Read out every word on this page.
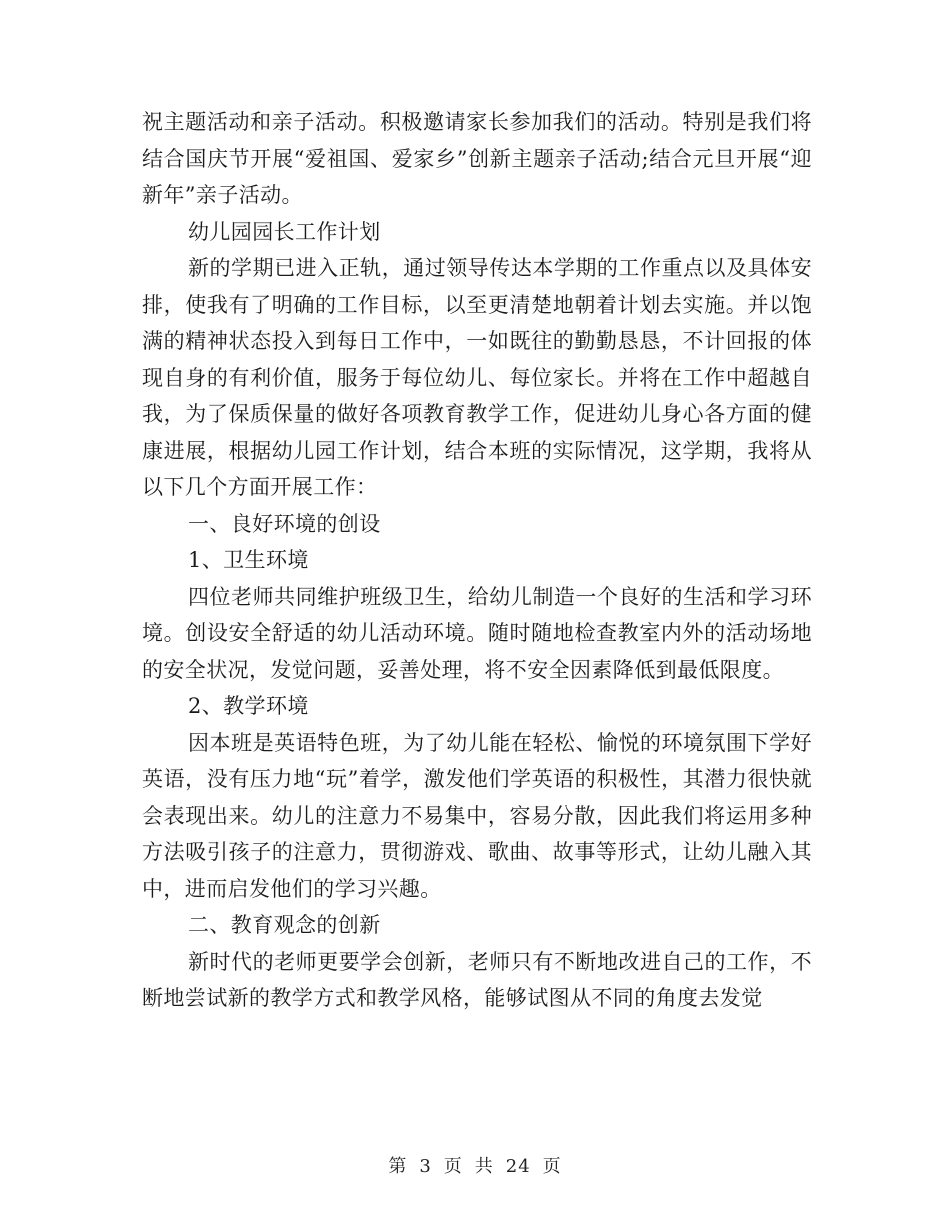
祝主题活动和亲子活动。积极邀请家长参加我们的活动。特别是我们将结合国庆节开展“爱祖国、爱家乡”创新主题亲子活动;结合元旦开展“迎新年”亲子活动。

幼儿园园长工作计划

新的学期已进入正轨，通过领导传达本学期的工作重点以及具体安排，使我有了明确的工作目标，以至更清楚地朝着计划去实施。并以饱满的精神状态投入到每日工作中，一如既往的勤勤恳恳，不计回报的体现自身的有利价值，服务于每位幼儿、每位家长。并将在工作中超越自我，为了保质保量的做好各项教育教学工作，促进幼儿身心各方面的健康进展，根据幼儿园工作计划，结合本班的实际情况，这学期，我将从以下几个方面开展工作：

一、良好环境的创设

1、卫生环境

四位老师共同维护班级卫生，给幼儿制造一个良好的生活和学习环境。创设安全舒适的幼儿活动环境。随时随地检查教室内外的活动场地的安全状况，发觉问题，妥善处理，将不安全因素降低到最低限度。

2、教学环境

因本班是英语特色班，为了幼儿能在轻松、愉悦的环境氛围下学好英语，没有压力地“玩”着学，激发他们学英语的积极性，其潜力很快就会表现出来。幼儿的注意力不易集中，容易分散，因此我们将运用多种方法吸引孩子的注意力，贯彻游戏、歌曲、故事等形式，让幼儿融入其中，进而启发他们的学习兴趣。

二、教育观念的创新

新时代的老师更要学会创新，老师只有不断地改进自己的工作，不断地尝试新的教学方式和教学风格，能够试图从不同的角度去发觉

第 3 页 共 24 页
